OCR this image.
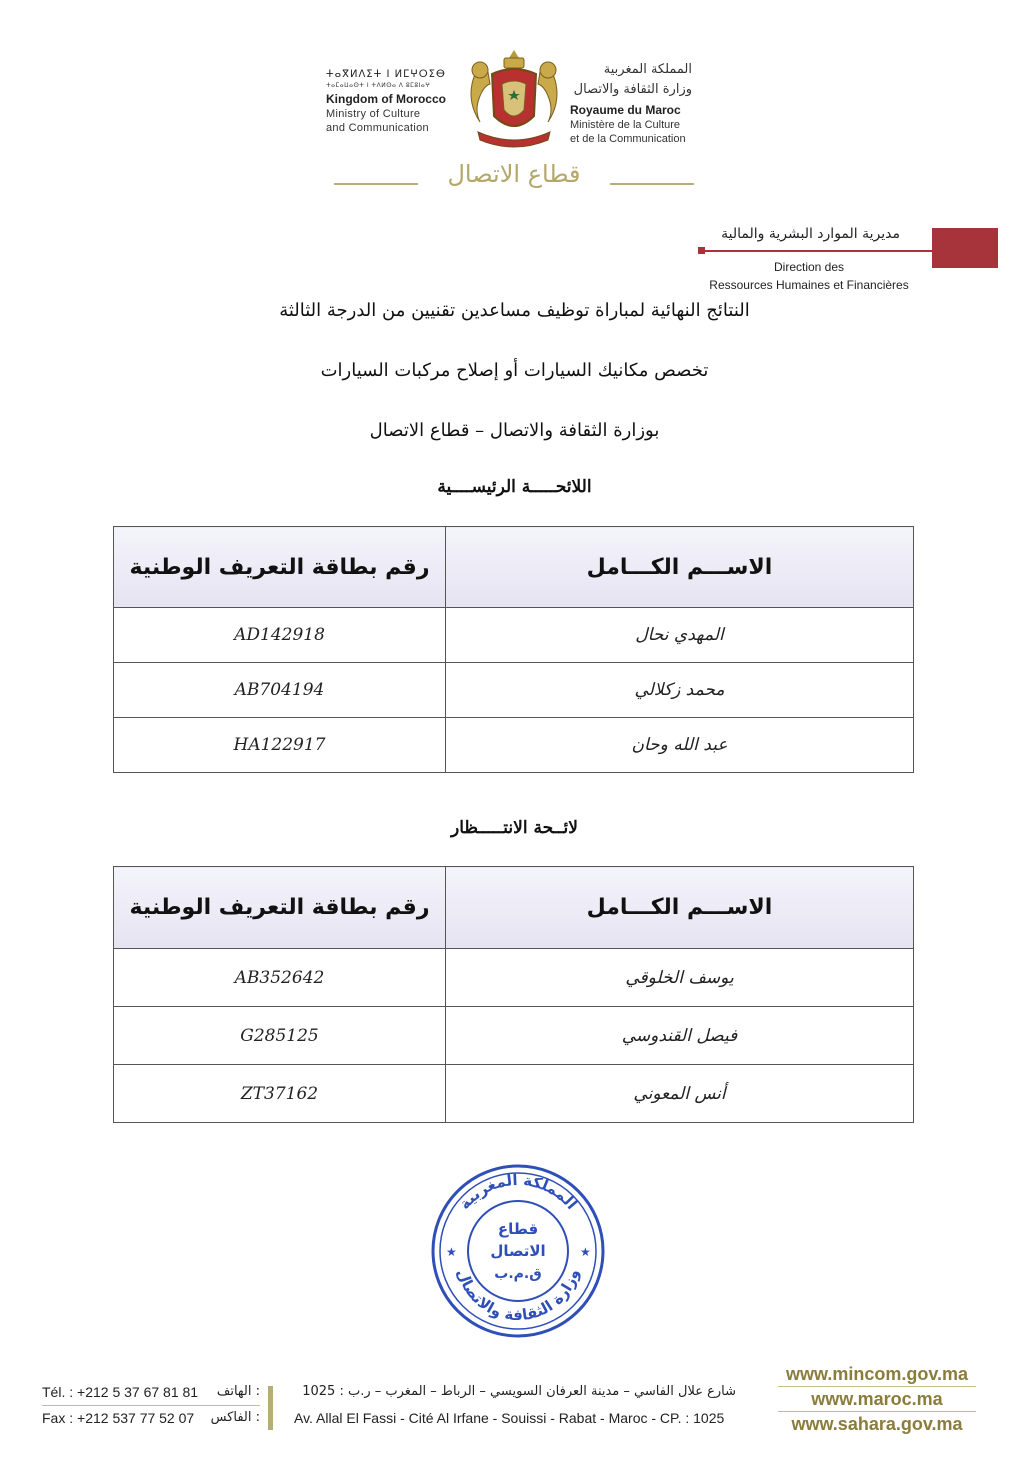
ⵜⴰⴳⵍⴷⵉⵜ ⵏ ⵍⵎⵖⵔⵉⴱ
ⵜⴰⵎⴰⵡⴰⵙⵜ ⵏ ⵜⴷⵍⵙⴰ ⴷ ⵓⵎⵓⵏⴰⵖ
Kingdom of Morocco
Ministry of Culture
and Communication
المملكة المغربية
وزارة الثقافة والاتصال
Royaume du Maroc
Ministère de la Culture
et de la Communication
قطاع الاتصال
مديرية الموارد البشرية والمالية
Direction des
Ressources Humaines et Financières
النتائج النهائية لمباراة توظيف مساعدين تقنيين من الدرجة الثالثة
تخصص مكانيك السيارات أو إصلاح مركبات السيارات
بوزارة الثقافة والاتصال – قطاع الاتصال
اللائحـــــة الرئيســــية
رقم بطاقة التعريف الوطنية	الاســـم الكـــامل
AD142918	المهدي نحال
AB704194	محمد زكلالي
HA122917	عبد الله وحان
لائــحة الانتـــــظار
رقم بطاقة التعريف الوطنية	الاســـم الكـــامل
AB352642	يوسف الخلوقي
G285125	فيصل القندوسي
ZT37162	أنس المعوني
المملكة المغربية
وزارة الثقافة والاتصال
★	★
قطاع
الاتصال
ق.م.ب
Tél. : +212 5 37 67 81 81 : الهاتف
Fax : +212 537 77 52 07 : الفاكس
شارع علال الفاسي – مدينة العرفان السويسي – الرباط – المغرب – ر.ب : 1025
Av. Allal El Fassi - Cité Al Irfane - Souissi - Rabat - Maroc - CP. : 1025
www.mincom.gov.ma
www.maroc.ma
www.sahara.gov.ma
